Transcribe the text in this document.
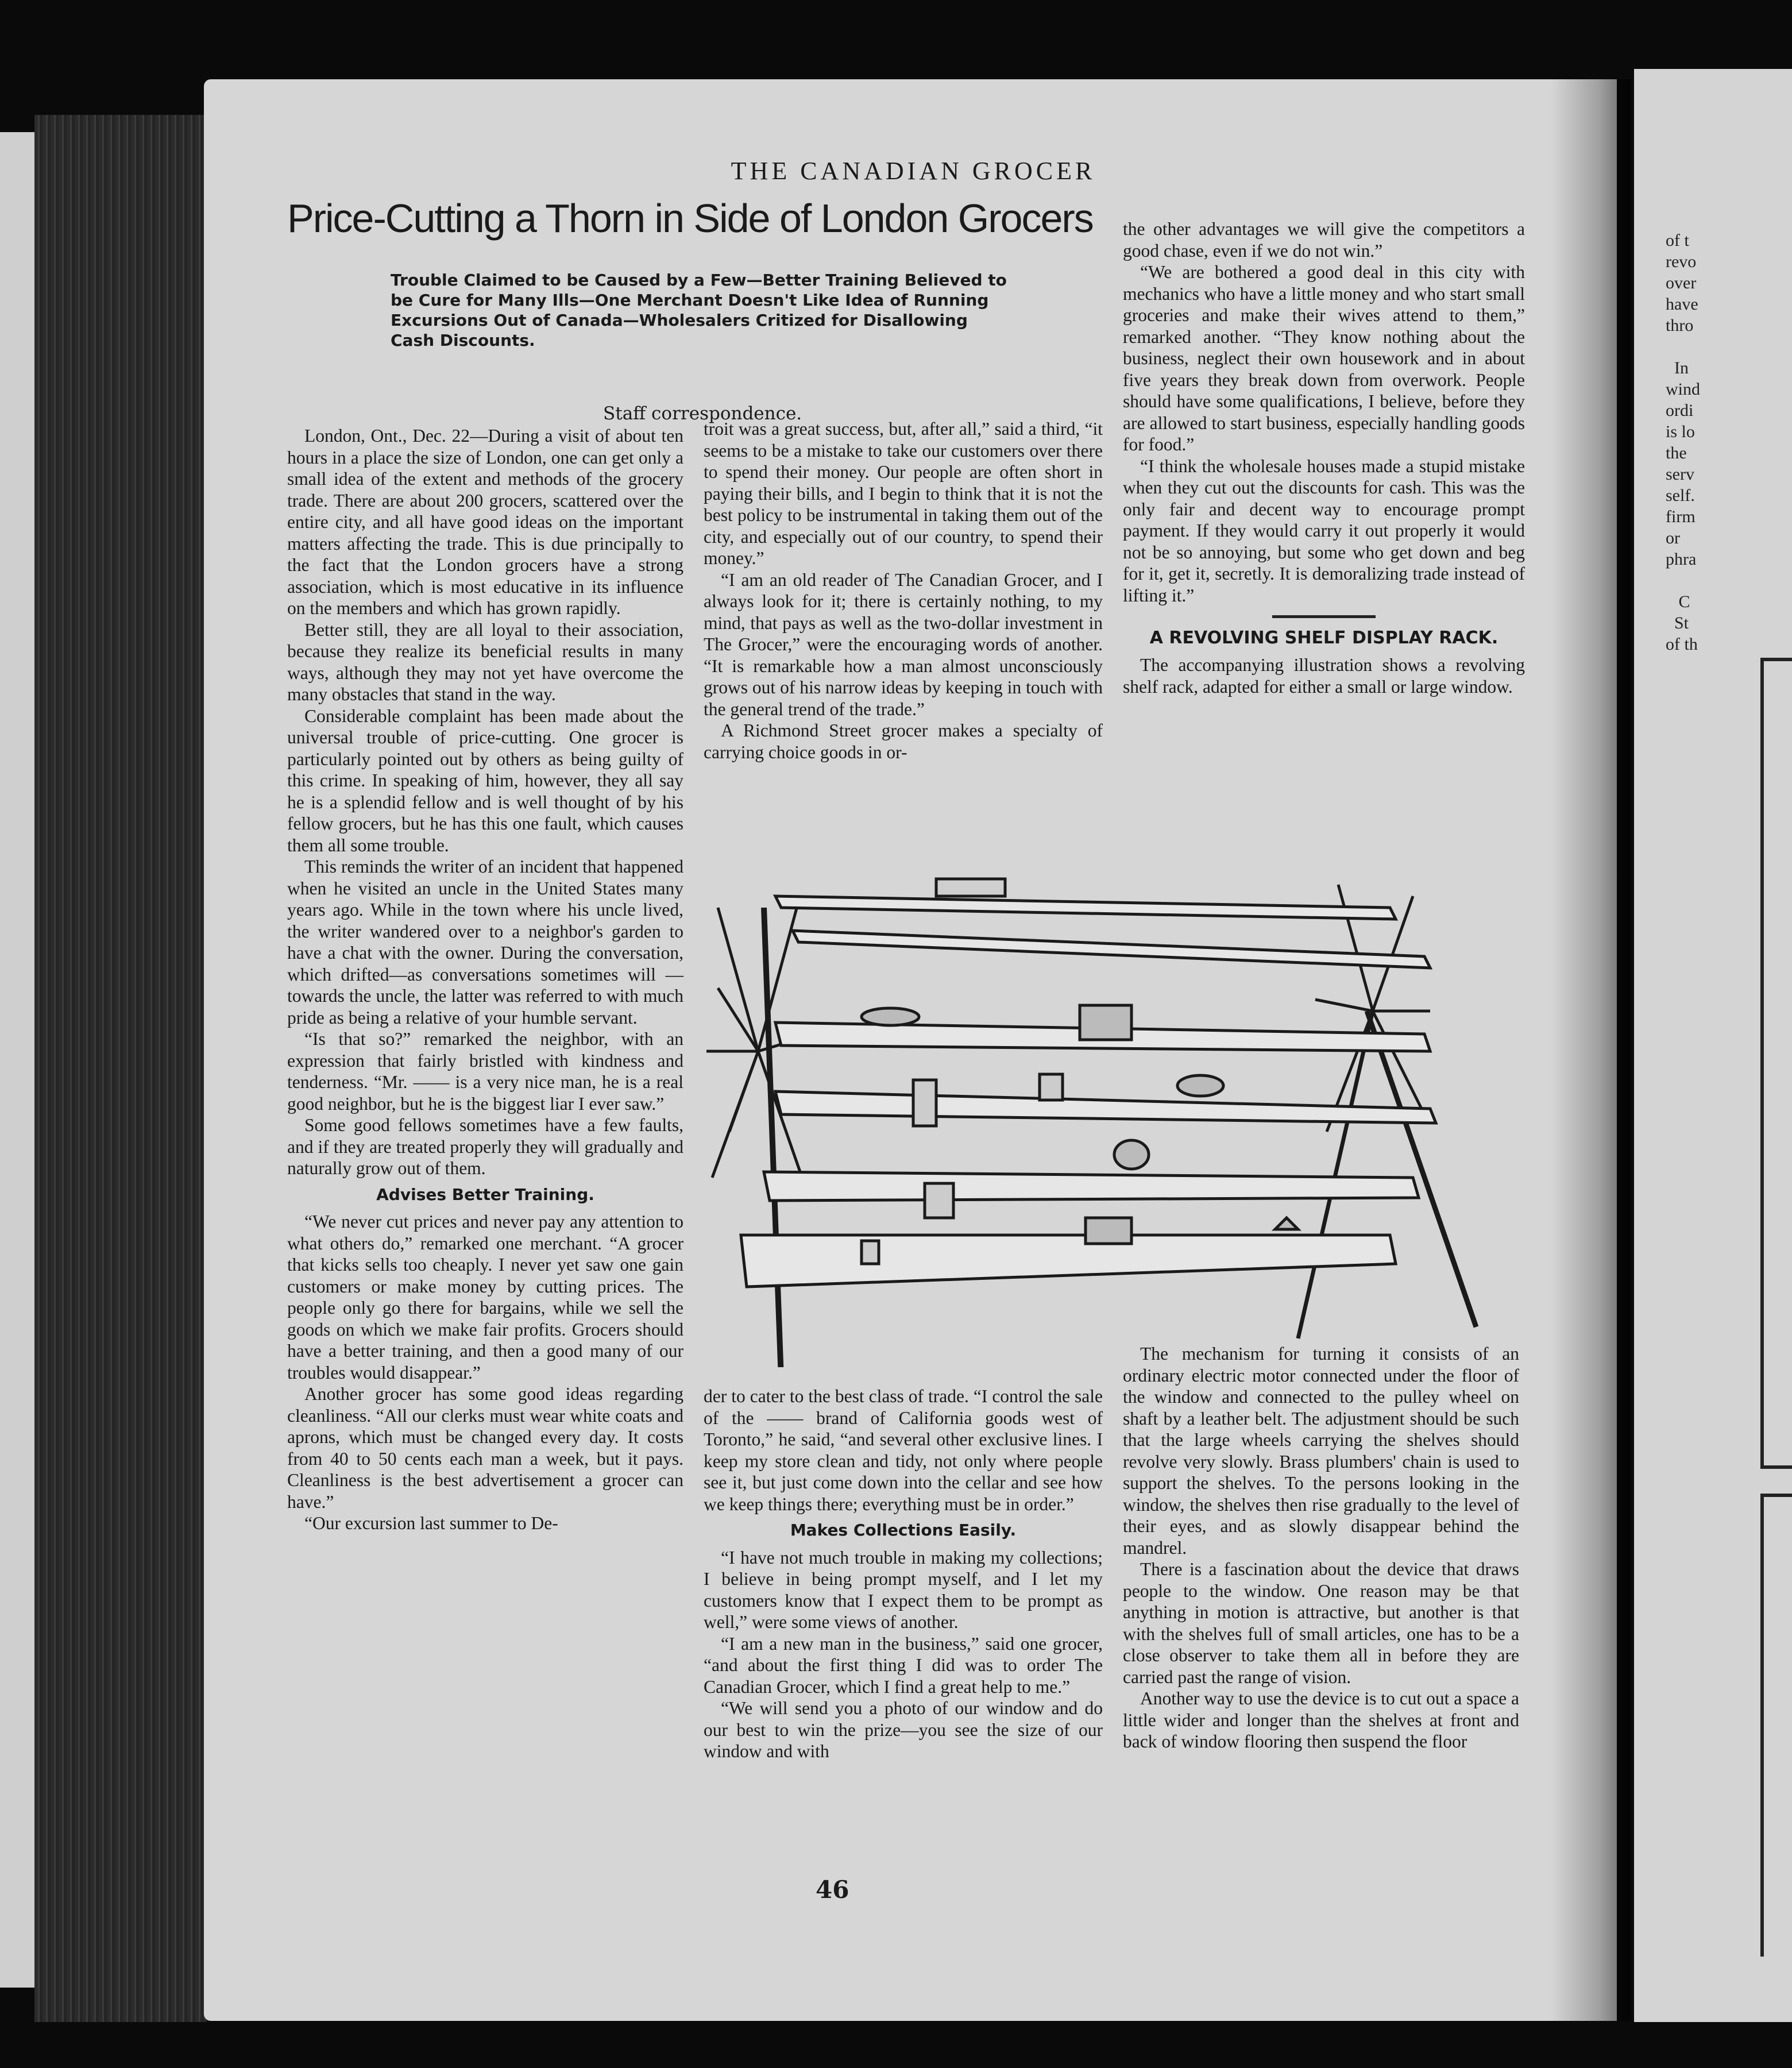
of t
revo
over
have
thro

In
wind
ordi
is lo
the
serv
self.
firm
or
phra

C
St
of th
THE CANADIAN GROCER
Price-Cutting a Thorn in Side of London Grocers
Trouble Claimed to be Caused by a Few—Better Training Believed to be Cure for Many Ills—One Merchant Doesn't Like Idea of Running Excursions Out of Canada—Wholesalers Critized for Disallowing Cash Discounts.
Staff correspondence.

London, Ont., Dec. 22—During a visit of about ten hours in a place the size of London, one can get only a small idea of the extent and methods of the grocery trade. There are about 200 grocers, scattered over the entire city, and all have good ideas on the important matters affecting the trade. This is due principally to the fact that the London grocers have a strong association, which is most educative in its influence on the members and which has grown rapidly.

Better still, they are all loyal to their association, because they realize its beneficial results in many ways, although they may not yet have overcome the many obstacles that stand in the way.

Considerable complaint has been made about the universal trouble of price-cutting. One grocer is particularly pointed out by others as being guilty of this crime. In speaking of him, however, they all say he is a splendid fellow and is well thought of by his fellow grocers, but he has this one fault, which causes them all some trouble.

This reminds the writer of an incident that happened when he visited an uncle in the United States many years ago. While in the town where his uncle lived, the writer wandered over to a neighbor's garden to have a chat with the owner. During the conversation, which drifted—as conversations sometimes will —towards the uncle, the latter was referred to with much pride as being a relative of your humble servant.

“Is that so?” remarked the neighbor, with an expression that fairly bristled with kindness and tenderness. “Mr. —— is a very nice man, he is a real good neighbor, but he is the biggest liar I ever saw.”

Some good fellows sometimes have a few faults, and if they are treated properly they will gradually and naturally grow out of them.

Advises Better Training.

“We never cut prices and never pay any attention to what others do,” remarked one merchant. “A grocer that kicks sells too cheaply. I never yet saw one gain customers or make money by cutting prices. The people only go there for bargains, while we sell the goods on which we make fair profits. Grocers should have a better training, and then a good many of our troubles would disappear.”

Another grocer has some good ideas regarding cleanliness. “All our clerks must wear white coats and aprons, which must be changed every day. It costs from 40 to 50 cents each man a week, but it pays. Cleanliness is the best advertisement a grocer can have.”

“Our excursion last summer to De-

troit was a great success, but, after all,” said a third, “it seems to be a mistake to take our customers over there to spend their money. Our people are often short in paying their bills, and I begin to think that it is not the best policy to be instrumental in taking them out of the city, and especially out of our country, to spend their money.”

“I am an old reader of The Canadian Grocer, and I always look for it; there is certainly nothing, to my mind, that pays as well as the two-dollar investment in The Grocer,” were the encouraging words of another. “It is remarkable how a man almost unconsciously grows out of his narrow ideas by keeping in touch with the general trend of the trade.”

A Richmond Street grocer makes a specialty of carrying choice goods in or-

der to cater to the best class of trade. “I control the sale of the —— brand of California goods west of Toronto,” he said, “and several other exclusive lines. I keep my store clean and tidy, not only where people see it, but just come down into the cellar and see how we keep things there; everything must be in order.”

Makes Collections Easily.

“I have not much trouble in making my collections; I believe in being prompt myself, and I let my customers know that I expect them to be prompt as well,” were some views of another.

“I am a new man in the business,” said one grocer, “and about the first thing I did was to order The Canadian Grocer, which I find a great help to me.”

“We will send you a photo of our window and do our best to win the prize—you see the size of our window and with

the other advantages we will give the competitors a good chase, even if we do not win.”

“We are bothered a good deal in this city with mechanics who have a little money and who start small groceries and make their wives attend to them,” remarked another. “They know nothing about the business, neglect their own housework and in about five years they break down from overwork. People should have some qualifications, I believe, before they are allowed to start business, especially handling goods for food.”

“I think the wholesale houses made a stupid mistake when they cut out the discounts for cash. This was the only fair and decent way to encourage prompt payment. If they would carry it out properly it would not be so annoying, but some who get down and beg for it, get it, secretly. It is demoralizing trade instead of lifting it.”

A REVOLVING SHELF DISPLAY RACK.

The accompanying illustration shows a revolving shelf rack, adapted for either a small or large window.

The mechanism for turning it consists of an ordinary electric motor connected under the floor of the window and connected to the pulley wheel on shaft by a leather belt. The adjustment should be such that the large wheels carrying the shelves should revolve very slowly. Brass plumbers' chain is used to support the shelves. To the persons looking in the window, the shelves then rise gradually to the level of their eyes, and as slowly disappear behind the mandrel.

There is a fascination about the device that draws people to the window. One reason may be that anything in motion is attractive, but another is that with the shelves full of small articles, one has to be a close observer to take them all in before they are carried past the range of vision.

Another way to use the device is to cut out a space a little wider and longer than the shelves at front and back of window flooring then suspend the floor

46
